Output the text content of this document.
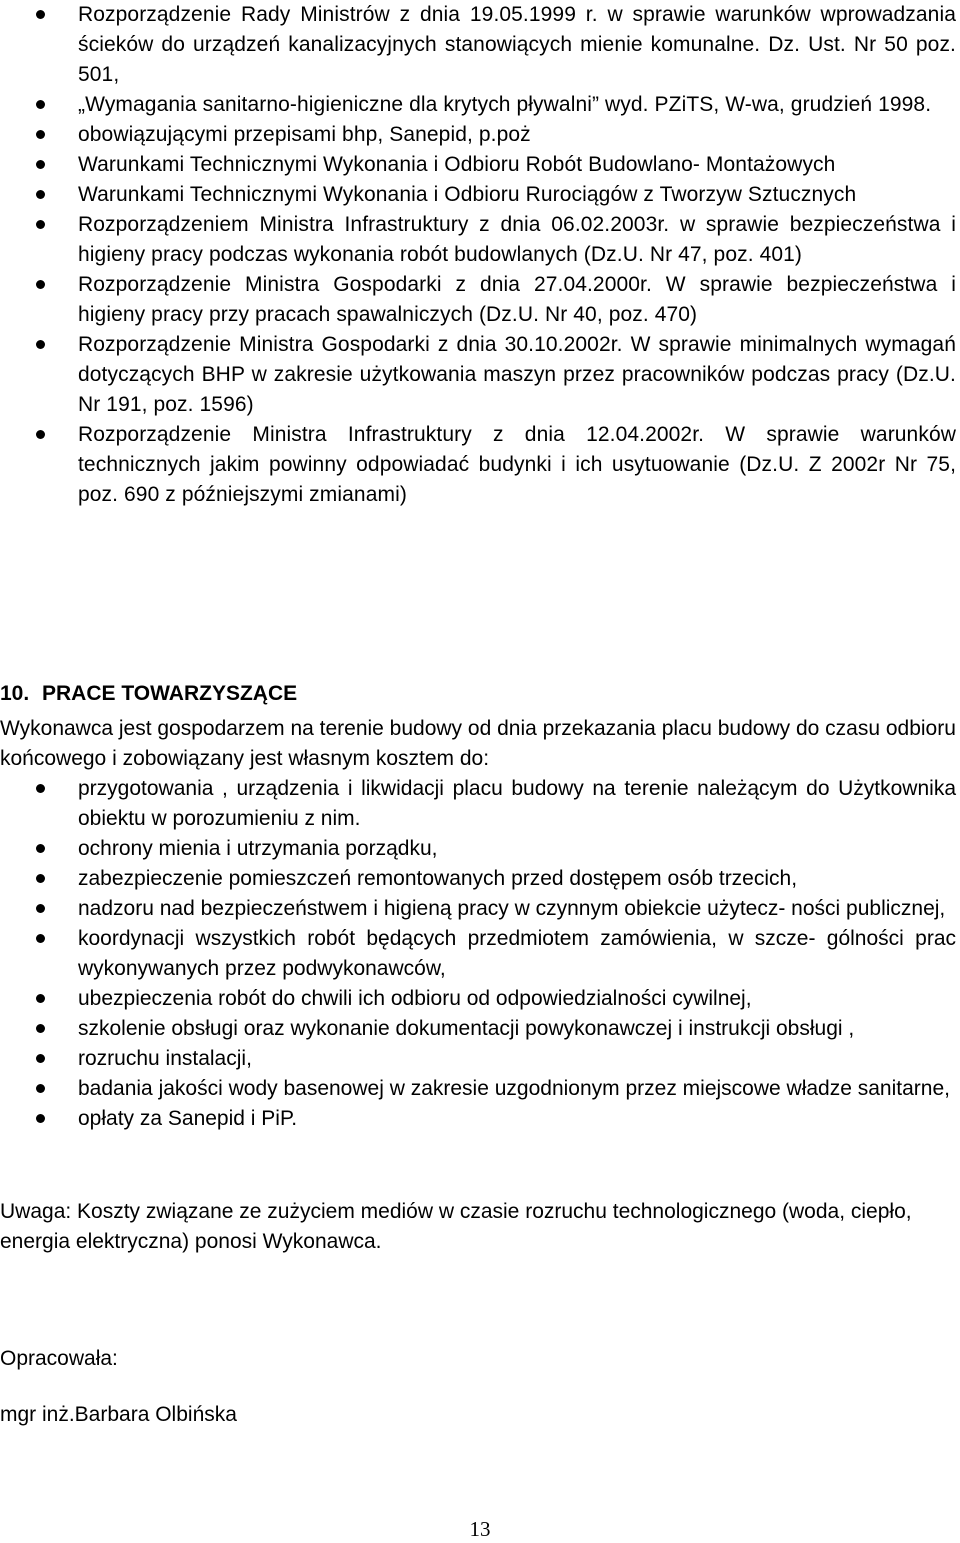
Rozporządzenie Rady Ministrów z dnia 19.05.1999 r. w sprawie warunków wprowadzania ścieków do urządzeń kanalizacyjnych stanowiących mienie komunalne. Dz. Ust. Nr 50 poz. 501,
„Wymagania sanitarno-higieniczne dla krytych pływalni” wyd. PZiTS, W-wa, grudzień 1998.
obowiązującymi przepisami bhp, Sanepid, p.poż
Warunkami Technicznymi Wykonania i Odbioru Robót Budowlano- Montażowych
Warunkami Technicznymi Wykonania i Odbioru Rurociągów z Tworzyw Sztucznych
Rozporządzeniem Ministra Infrastruktury z dnia 06.02.2003r. w sprawie bezpieczeństwa i higieny pracy podczas wykonania robót budowlanych (Dz.U. Nr 47, poz. 401)
Rozporządzenie Ministra Gospodarki z dnia 27.04.2000r. W sprawie bezpieczeństwa i higieny pracy przy pracach spawalniczych (Dz.U. Nr 40, poz. 470)
Rozporządzenie Ministra Gospodarki z dnia 30.10.2002r. W sprawie minimalnych wymagań dotyczących BHP w zakresie użytkowania maszyn przez pracowników podczas pracy (Dz.U. Nr 191, poz. 1596)
Rozporządzenie Ministra Infrastruktury z dnia 12.04.2002r. W sprawie warunków technicznych jakim powinny odpowiadać budynki i ich usytuowanie (Dz.U. Z 2002r Nr 75, poz. 690 z późniejszymi zmianami)
10. PRACE TOWARZYSZĄCE
Wykonawca jest gospodarzem na terenie budowy od dnia przekazania placu budowy do czasu odbioru końcowego i zobowiązany jest własnym kosztem do:
przygotowania , urządzenia i likwidacji placu budowy na terenie należącym do Użytkownika obiektu w porozumieniu z nim.
ochrony mienia i utrzymania porządku,
zabezpieczenie pomieszczeń remontowanych przed dostępem osób trzecich,
nadzoru nad bezpieczeństwem i higieną pracy w czynnym obiekcie użytecz- ności publicznej,
koordynacji wszystkich robót będących przedmiotem zamówienia, w szcze- gólności prac wykonywanych przez podwykonawców,
ubezpieczenia robót do chwili ich odbioru od odpowiedzialności cywilnej,
szkolenie obsługi oraz wykonanie dokumentacji powykonawczej i instrukcji obsługi ,
rozruchu instalacji,
badania jakości wody basenowej w zakresie uzgodnionym przez miejscowe władze sanitarne,
opłaty za Sanepid i PiP.
Uwaga: Koszty związane ze zużyciem mediów w czasie rozruchu technologicznego (woda, ciepło, energia elektryczna) ponosi Wykonawca.
Opracowała:
mgr inż.Barbara Olbińska
13
